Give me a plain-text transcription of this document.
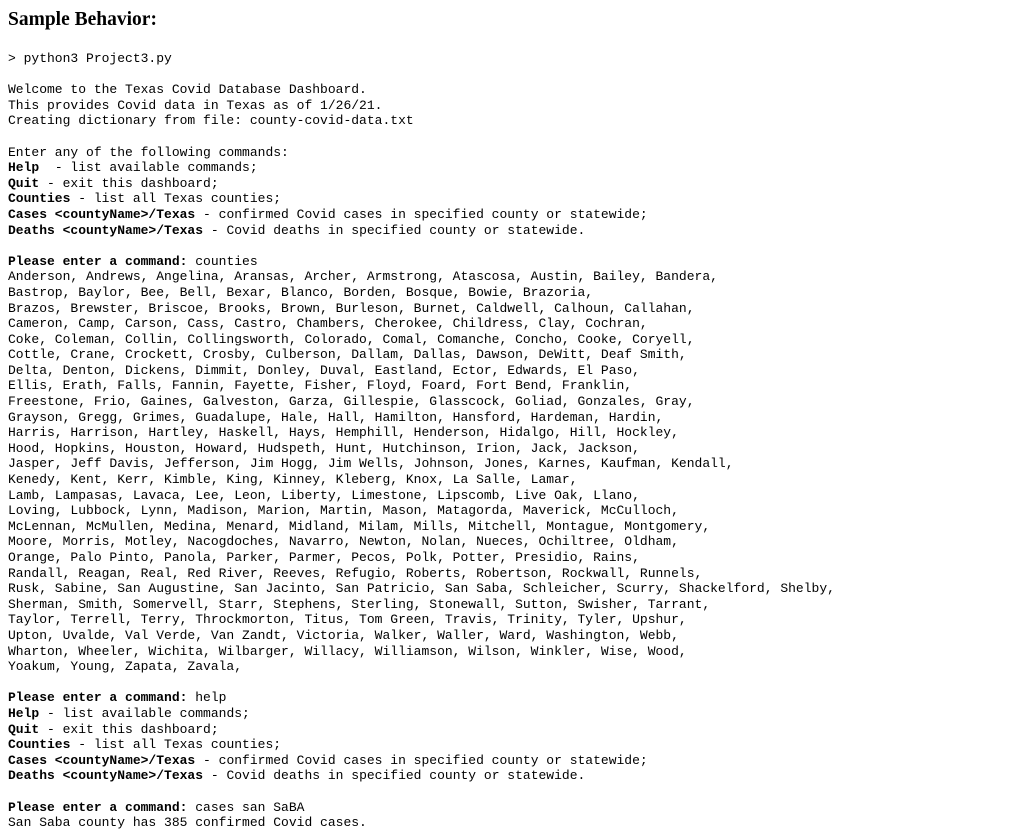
Sample Behavior:
> python3 Project3.py
Welcome to the Texas Covid Database Dashboard.
This provides Covid data in Texas as of 1/26/21.
Creating dictionary from file: county-covid-data.txt
Enter any of the following commands:
Help  - list available commands;
Quit - exit this dashboard;
Counties - list all Texas counties;
Cases <countyName>/Texas - confirmed Covid cases in specified county or statewide;
Deaths <countyName>/Texas - Covid deaths in specified county or statewide.
Please enter a command: counties
Anderson, Andrews, Angelina, Aransas, Archer, Armstrong, Atascosa, Austin, Bailey, Bandera,
Bastrop, Baylor, Bee, Bell, Bexar, Blanco, Borden, Bosque, Bowie, Brazoria,
Brazos, Brewster, Briscoe, Brooks, Brown, Burleson, Burnet, Caldwell, Calhoun, Callahan,
Cameron, Camp, Carson, Cass, Castro, Chambers, Cherokee, Childress, Clay, Cochran,
Coke, Coleman, Collin, Collingsworth, Colorado, Comal, Comanche, Concho, Cooke, Coryell,
Cottle, Crane, Crockett, Crosby, Culberson, Dallam, Dallas, Dawson, DeWitt, Deaf Smith,
Delta, Denton, Dickens, Dimmit, Donley, Duval, Eastland, Ector, Edwards, El Paso,
Ellis, Erath, Falls, Fannin, Fayette, Fisher, Floyd, Foard, Fort Bend, Franklin,
Freestone, Frio, Gaines, Galveston, Garza, Gillespie, Glasscock, Goliad, Gonzales, Gray,
Grayson, Gregg, Grimes, Guadalupe, Hale, Hall, Hamilton, Hansford, Hardeman, Hardin,
Harris, Harrison, Hartley, Haskell, Hays, Hemphill, Henderson, Hidalgo, Hill, Hockley,
Hood, Hopkins, Houston, Howard, Hudspeth, Hunt, Hutchinson, Irion, Jack, Jackson,
Jasper, Jeff Davis, Jefferson, Jim Hogg, Jim Wells, Johnson, Jones, Karnes, Kaufman, Kendall,
Kenedy, Kent, Kerr, Kimble, King, Kinney, Kleberg, Knox, La Salle, Lamar,
Lamb, Lampasas, Lavaca, Lee, Leon, Liberty, Limestone, Lipscomb, Live Oak, Llano,
Loving, Lubbock, Lynn, Madison, Marion, Martin, Mason, Matagorda, Maverick, McCulloch,
McLennan, McMullen, Medina, Menard, Midland, Milam, Mills, Mitchell, Montague, Montgomery,
Moore, Morris, Motley, Nacogdoches, Navarro, Newton, Nolan, Nueces, Ochiltree, Oldham,
Orange, Palo Pinto, Panola, Parker, Parmer, Pecos, Polk, Potter, Presidio, Rains,
Randall, Reagan, Real, Red River, Reeves, Refugio, Roberts, Robertson, Rockwall, Runnels,
Rusk, Sabine, San Augustine, San Jacinto, San Patricio, San Saba, Schleicher, Scurry, Shackelford, Shelby,
Sherman, Smith, Somervell, Starr, Stephens, Sterling, Stonewall, Sutton, Swisher, Tarrant,
Taylor, Terrell, Terry, Throckmorton, Titus, Tom Green, Travis, Trinity, Tyler, Upshur,
Upton, Uvalde, Val Verde, Van Zandt, Victoria, Walker, Waller, Ward, Washington, Webb,
Wharton, Wheeler, Wichita, Wilbarger, Willacy, Williamson, Wilson, Winkler, Wise, Wood,
Yoakum, Young, Zapata, Zavala,
Please enter a command: help
Help - list available commands;
Quit - exit this dashboard;
Counties - list all Texas counties;
Cases <countyName>/Texas - confirmed Covid cases in specified county or statewide;
Deaths <countyName>/Texas - Covid deaths in specified county or statewide.
Please enter a command: cases san SaBA
San Saba county has 385 confirmed Covid cases.
